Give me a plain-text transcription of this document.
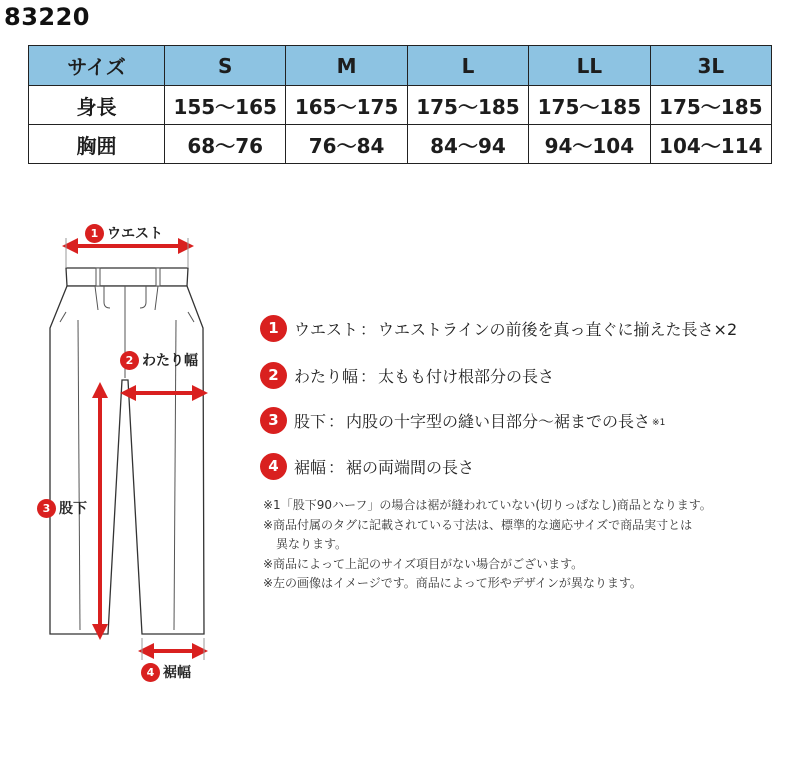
83220
サイズ	S	M	L	LL	3L
身長	155〜165	165〜175	175〜185	175〜185	175〜185
胸囲	68〜76	76〜84	84〜94	94〜104	104〜114
1 ウエスト
2 わたり幅
3 股下
4 裾幅
1 ウエスト ： ウエストラインの前後を真っ直ぐに揃えた長さ×2
2 わたり幅 ： 太もも付け根部分の長さ
3 股下 ： 内股の十字型の縫い目部分〜裾までの長さ ※1
4 裾幅 ： 裾の両端間の長さ

※1「股下90ハーフ」の場合は裾が縫われていない(切りっぱなし)商品となります。

※商品付属のタグに記載されている寸法は、標準的な適応サイズで商品実寸とは

異なります。

※商品によって上記のサイズ項目がない場合がございます。

※左の画像はイメージです。商品によって形やデザインが異なります。
